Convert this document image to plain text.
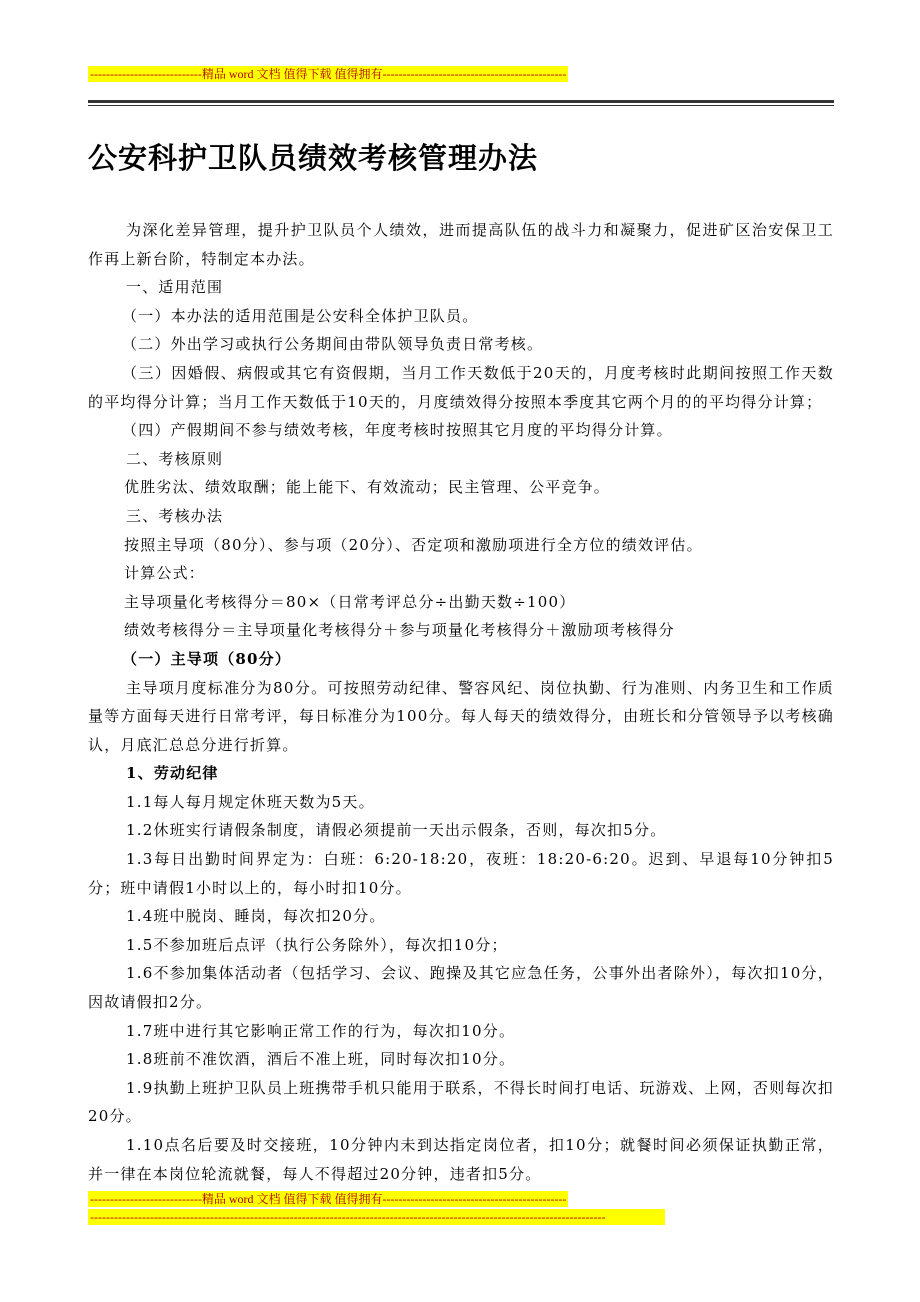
----------------------------精品 word 文档 值得下载 值得拥有----------------------------------------------
公安科护卫队员绩效考核管理办法

为深化差异管理，提升护卫队员个人绩效，进而提高队伍的战斗力和凝聚力，促进矿区治安保卫工作再上新台阶，特制定本办法。

一、适用范围

（一）本办法的适用范围是公安科全体护卫队员。

（二）外出学习或执行公务期间由带队领导负责日常考核。

（三）因婚假、病假或其它有资假期，当月工作天数低于20天的，月度考核时此期间按照工作天数的平均得分计算；当月工作天数低于10天的，月度绩效得分按照本季度其它两个月的的平均得分计算；

（四）产假期间不参与绩效考核，年度考核时按照其它月度的平均得分计算。

二、考核原则

优胜劣汰、绩效取酬；能上能下、有效流动；民主管理、公平竞争。

三、考核办法

按照主导项（80分）、参与项（20分）、否定项和激励项进行全方位的绩效评估。

计算公式：

主导项量化考核得分＝80×（日常考评总分÷出勤天数÷100）

绩效考核得分＝主导项量化考核得分＋参与项量化考核得分＋激励项考核得分

（一）主导项（80分）

主导项月度标准分为80分。可按照劳动纪律、警容风纪、岗位执勤、行为准则、内务卫生和工作质量等方面每天进行日常考评，每日标准分为100分。每人每天的绩效得分，由班长和分管领导予以考核确认，月底汇总总分进行折算。

1、劳动纪律

1.1每人每月规定休班天数为5天。

1.2休班实行请假条制度，请假必须提前一天出示假条，否则，每次扣5分。

1.3每日出勤时间界定为：白班：6:20-18:20，夜班：18:20-6:20。迟到、早退每10分钟扣5分；班中请假1小时以上的，每小时扣10分。

1.4班中脱岗、睡岗，每次扣20分。

1.5不参加班后点评（执行公务除外），每次扣10分；

1.6不参加集体活动者（包括学习、会议、跑操及其它应急任务，公事外出者除外），每次扣10分，因故请假扣2分。

1.7班中进行其它影响正常工作的行为，每次扣10分。

1.8班前不准饮酒，酒后不准上班，同时每次扣10分。

1.9执勤上班护卫队员上班携带手机只能用于联系，不得长时间打电话、玩游戏、上网，否则每次扣20分。

1.10点名后要及时交接班，10分钟内未到达指定岗位者，扣10分；就餐时间必须保证执勤正常，并一律在本岗位轮流就餐，每人不得超过20分钟，违者扣5分。

----------------------------精品 word 文档 值得下载 值得拥有----------------------------------------------
---------------------------------------------------------------------------------------------------------------------------------
